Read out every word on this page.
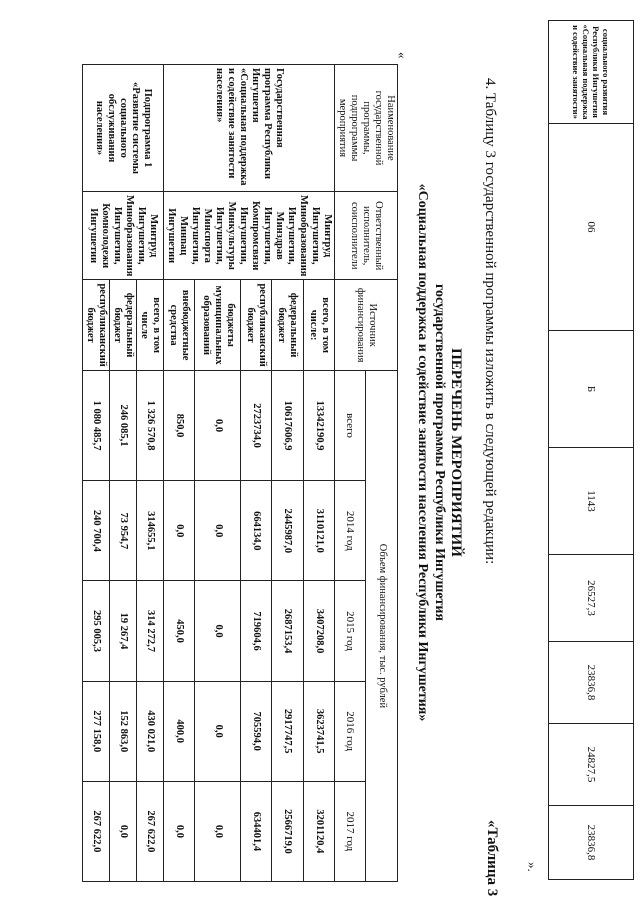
социального развития Республики Ингушетия «Социальная поддержка и содействие занятости»	06	Б	1143	26527,3	23836,8	24827,5	23836,8
».
4. Таблицу 3 государственной программы изложить в следующей редакции:
«Таблица 3
ПЕРЕЧЕНЬ МЕРОПРИЯТИЙ
государственной программы Республики Ингушетия
«Социальная поддержка и содействие занятости населения Республики Ингушетия»
«
Наименование государственной программы, подпрограммы мероприятия	Ответственный исполнитель, соисполнители	Источник финансирования	Объем финансирования, тыс. рублей				
			всего	2014 год	2015 год	2016 год	2017 год
Государственная программа Республики Ингушетия «Социальная поддержка и содействие занятости населения»	Минтруд Ингушетии, Минобразования Ингушетии, Минздрав Ингушетии, Компромсвязи Ингушетии, Минкультуры Ингушетии, Минспорта Ингушетии, Минnац Ингушетии	всего, в том числе:	13342190,9	3110121,0	3407208,0	3623741,5	3201120,4
		федеральный бюджет	10617606,9	2445987,0	2687153,4	2917747,5	2566719,0
		республиканский бюджет	2723734,0	664134,0	719604,6	705594,0	634401,4
		бюджеты муниципальных образований	0,0	0,0	0,0	0,0	0,0
		внебюджетные средства	850,0	0,0	450,0	400,0	0,0
Подпрограмма 1 «Развитие системы социального обслуживания населения»	Минтруд Ингушетии, Минобразования Ингушетии, Комнолодежи Ингушетии	всего, в том числе	1 326 570,8	314655,1	314 272,7	430 021,0	267 622,0
		федеральный бюджет	246 085,1	73 954,7	19 267,4	152 863,0	0,0
		республиканский бюджет	1 080 485,7	240 700,4	295 005,3	277 158,0	267 622,0
